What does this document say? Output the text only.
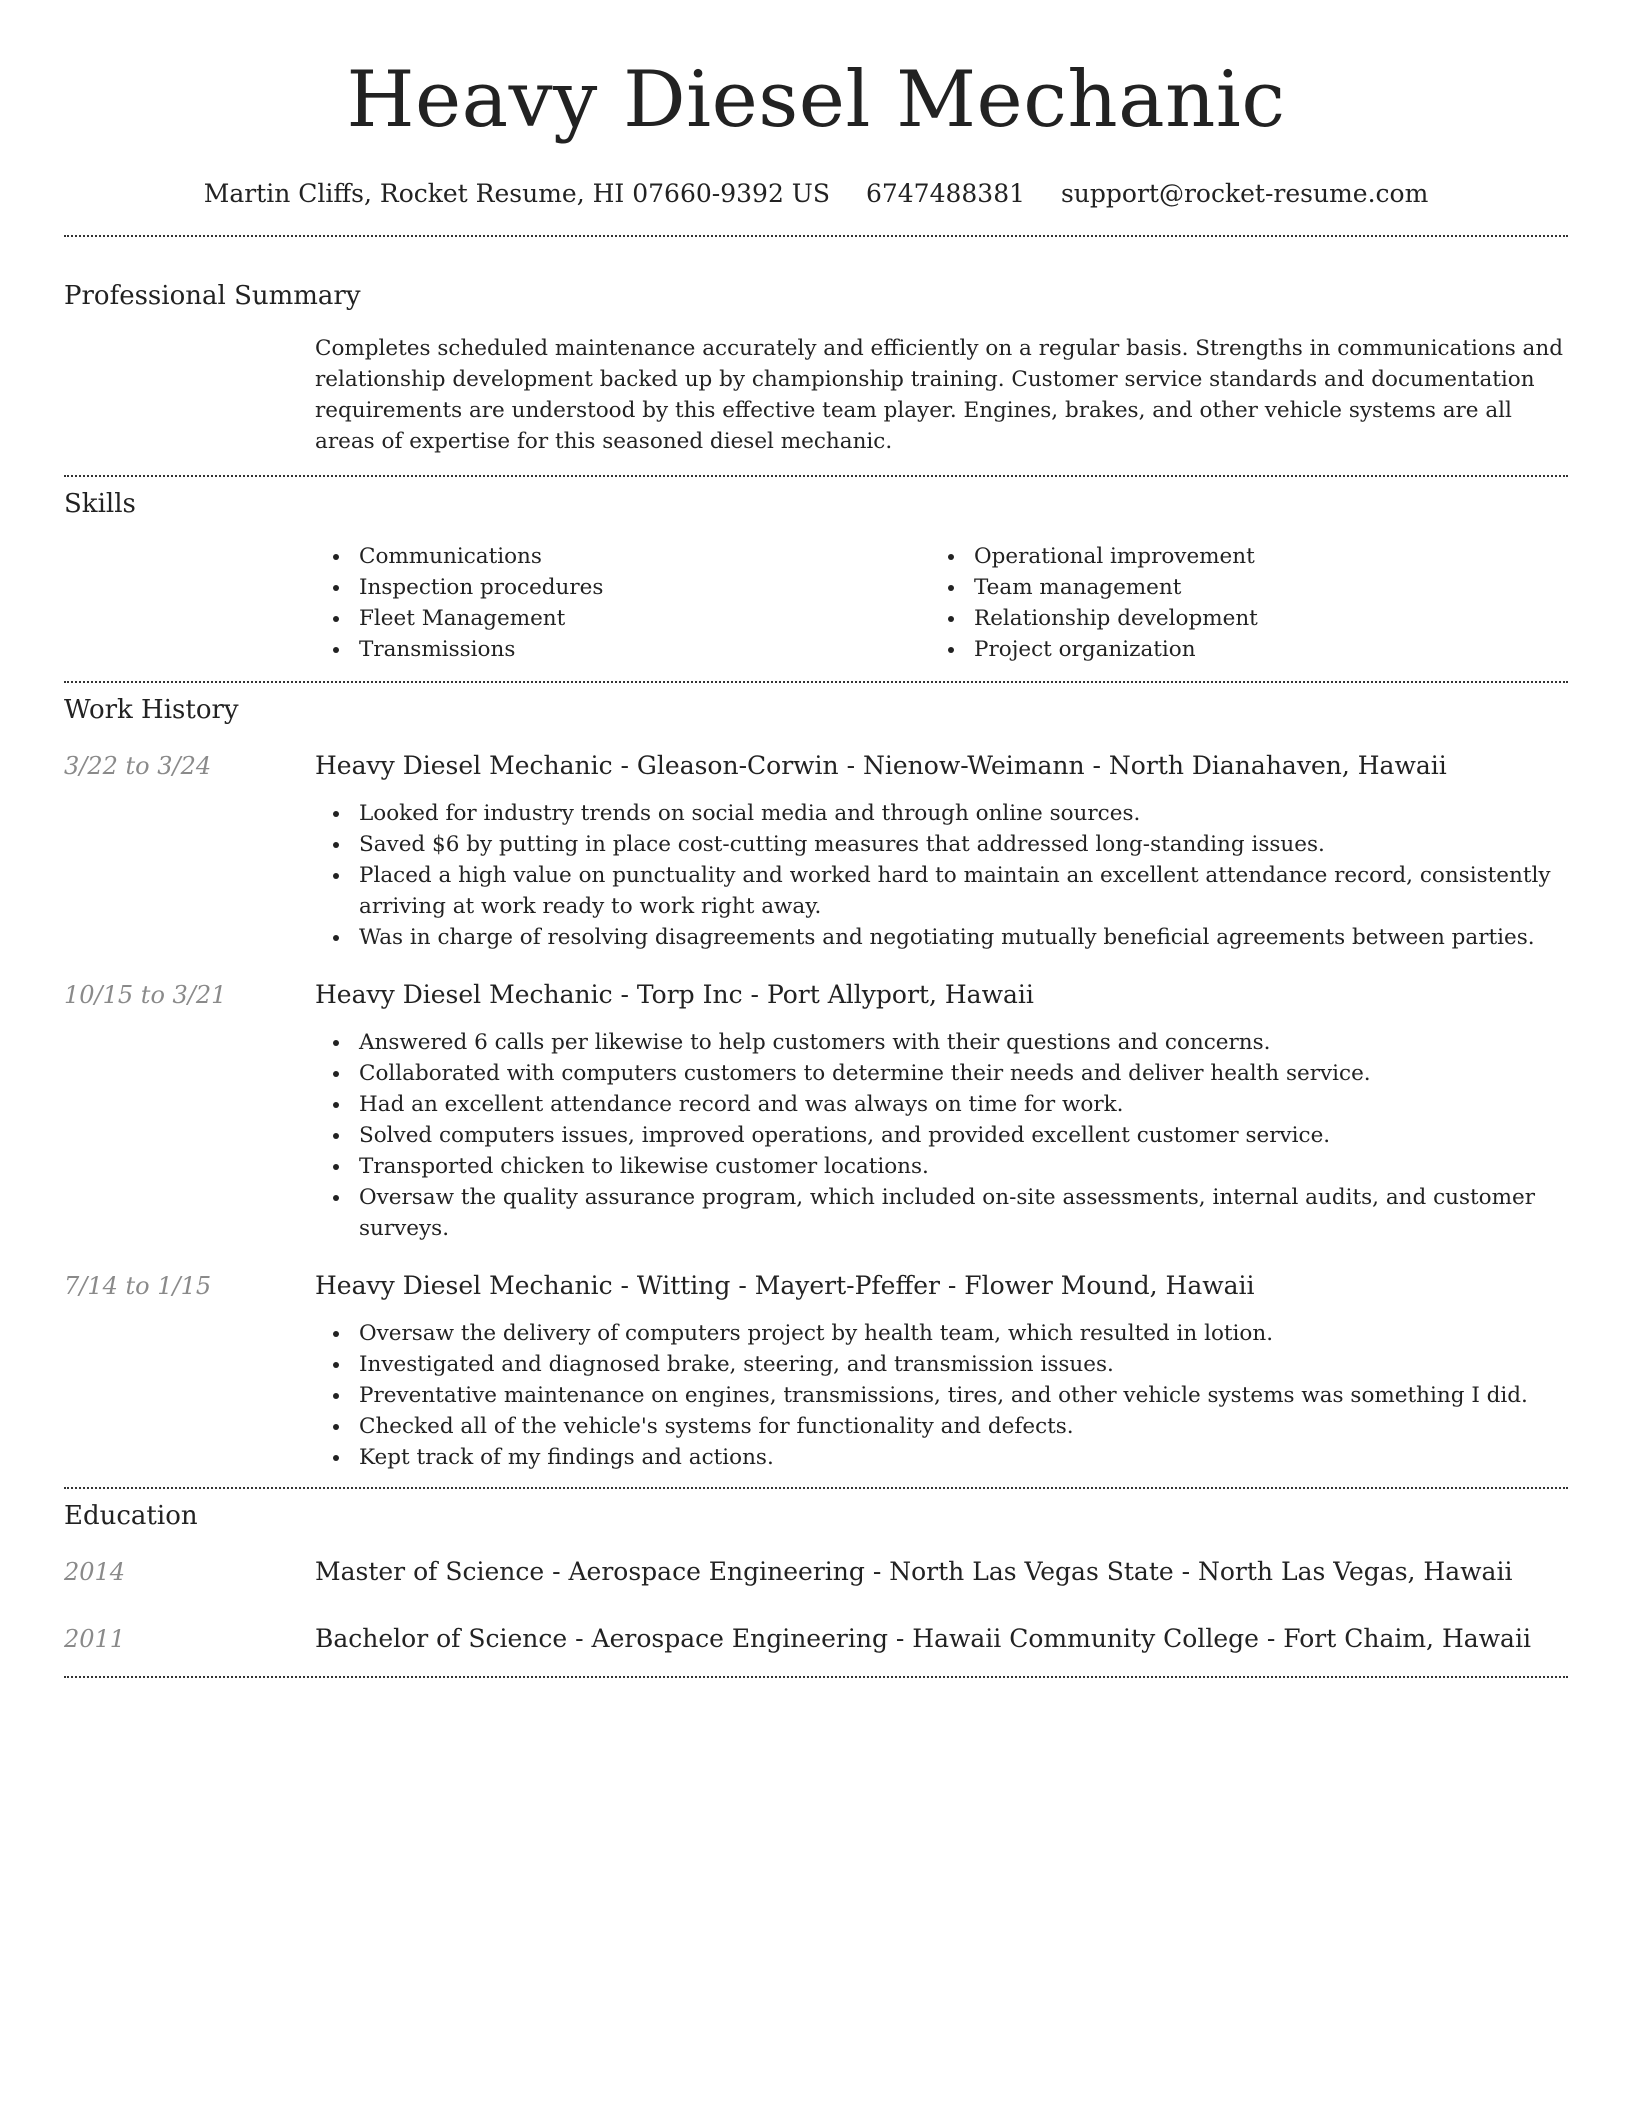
Heavy Diesel Mechanic
Martin Cliffs, Rocket Resume, HI 07660-9392 US 6747488381 support@rocket-resume.com
Professional Summary

Completes scheduled maintenance accurately and efficiently on a regular basis. Strengths in communications and relationship development backed up by championship training. Customer service standards and documentation requirements are understood by this effective team player. Engines, brakes, and other vehicle systems are all areas of expertise for this seasoned diesel mechanic.

Skills
Communications
Inspection procedures
Fleet Management
Transmissions
Operational improvement
Team management
Relationship development
Project organization
Work History
3/22 to 3/24	Heavy Diesel Mechanic - Gleason-Corwin - Nienow-Weimann - North Dianahaven, Hawaii
Looked for industry trends on social media and through online sources.
Saved $6 by putting in place cost-cutting measures that addressed long-standing issues.
Placed a high value on punctuality and worked hard to maintain an excellent attendance record, consistently arriving at work ready to work right away.
Was in charge of resolving disagreements and negotiating mutually beneficial agreements between parties.
10/15 to 3/21	Heavy Diesel Mechanic - Torp Inc - Port Allyport, Hawaii
Answered 6 calls per likewise to help customers with their questions and concerns.
Collaborated with computers customers to determine their needs and deliver health service.
Had an excellent attendance record and was always on time for work.
Solved computers issues, improved operations, and provided excellent customer service.
Transported chicken to likewise customer locations.
Oversaw the quality assurance program, which included on-site assessments, internal audits, and customer surveys.
7/14 to 1/15	Heavy Diesel Mechanic - Witting - Mayert-Pfeffer - Flower Mound, Hawaii
Oversaw the delivery of computers project by health team, which resulted in lotion.
Investigated and diagnosed brake, steering, and transmission issues.
Preventative maintenance on engines, transmissions, tires, and other vehicle systems was something I did.
Checked all of the vehicle's systems for functionality and defects.
Kept track of my findings and actions.
Education
2014	Master of Science - Aerospace Engineering - North Las Vegas State - North Las Vegas, Hawaii
2011	Bachelor of Science - Aerospace Engineering - Hawaii Community College - Fort Chaim, Hawaii
